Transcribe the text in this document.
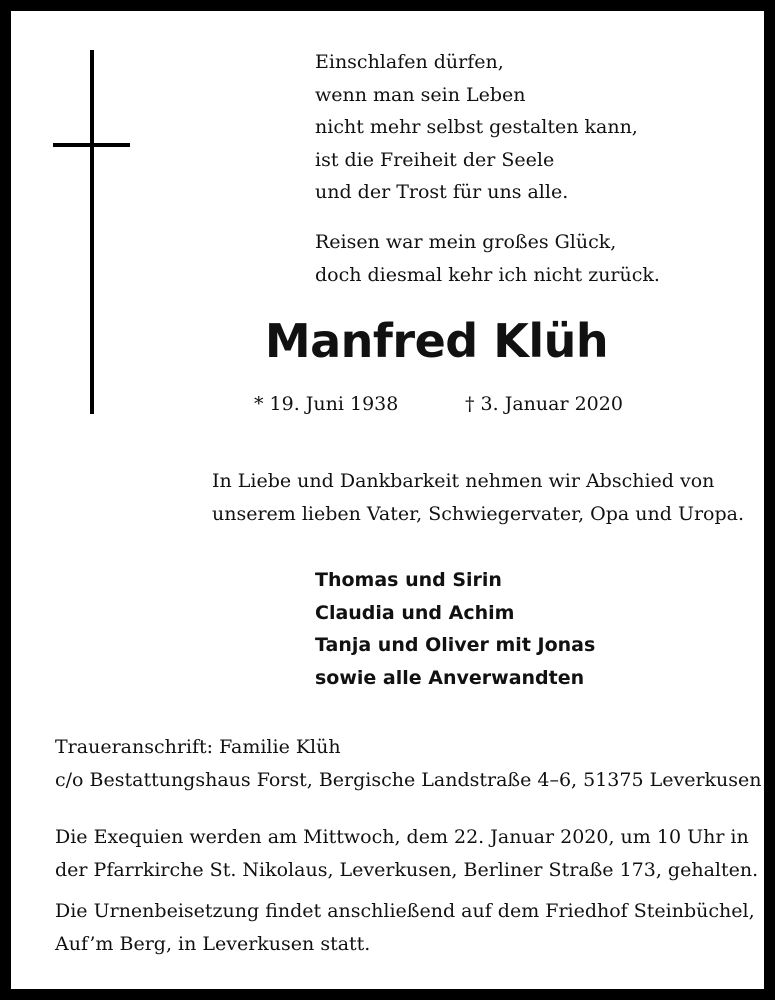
Einschlafen dürfen,
wenn man sein Leben
nicht mehr selbst gestalten kann,
ist die Freiheit der Seele
und der Trost für uns alle.
Reisen war mein großes Glück,
doch diesmal kehr ich nicht zurück.
Manfred Klüh
* 19. Juni 1938	† 3. Januar 2020
In Liebe und Dankbarkeit nehmen wir Abschied von
unserem lieben Vater, Schwiegervater, Opa und Uropa.
Thomas und Sirin
Claudia und Achim
Tanja und Oliver mit Jonas
sowie alle Anverwandten
Traueranschrift: Familie Klüh
c/o Bestattungshaus Forst, Bergische Landstraße 4–6, 51375 Leverkusen
Die Exequien werden am Mittwoch, dem 22. Januar 2020, um 10 Uhr in
der Pfarrkirche St. Nikolaus, Leverkusen, Berliner Straße 173, gehalten.
Die Urnenbeisetzung findet anschließend auf dem Friedhof Steinbüchel,
Auf’m Berg, in Leverkusen statt.
